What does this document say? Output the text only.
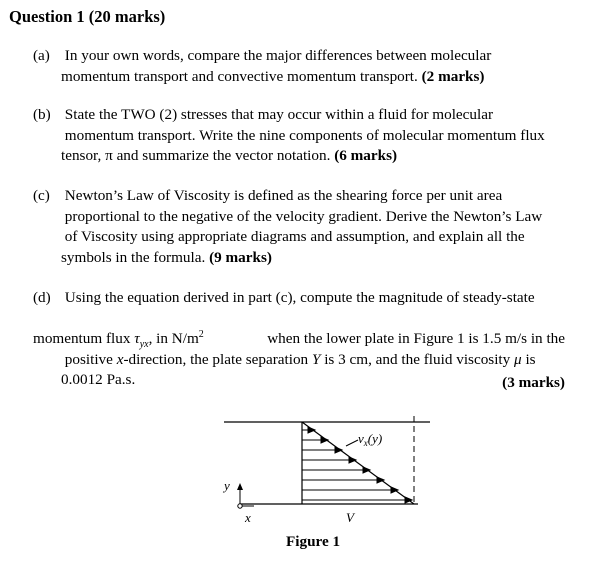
Question 1 (20 marks)
(a) In your own words, compare the major differences between molecular
momentum transport and convective momentum transport. (2 marks)
(b) State the TWO (2) stresses that may occur within a fluid for molecular
momentum transport. Write the nine components of molecular momentum flux
tensor, π and summarize the vector notation. (6 marks)
(c) Newton’s Law of Viscosity is defined as the shearing force per unit area
proportional to the negative of the velocity gradient. Derive the Newton’s Law
of Viscosity using appropriate diagrams and assumption, and explain all the
symbols in the formula. (9 marks)
(d) Using the equation derived in part (c), compute the magnitude of steady-state
momentum flux $\tau_{yx}$, in $N/m^2$	when the lower plate in Figure 1 is 1.5 m/s in the
positive x-direction, the plate separation Y is 3 cm, and the fluid viscosity μ is
0.0012 Pa.s.	(3 marks)
$v_x(y)$
y
x	V
Figure 1
